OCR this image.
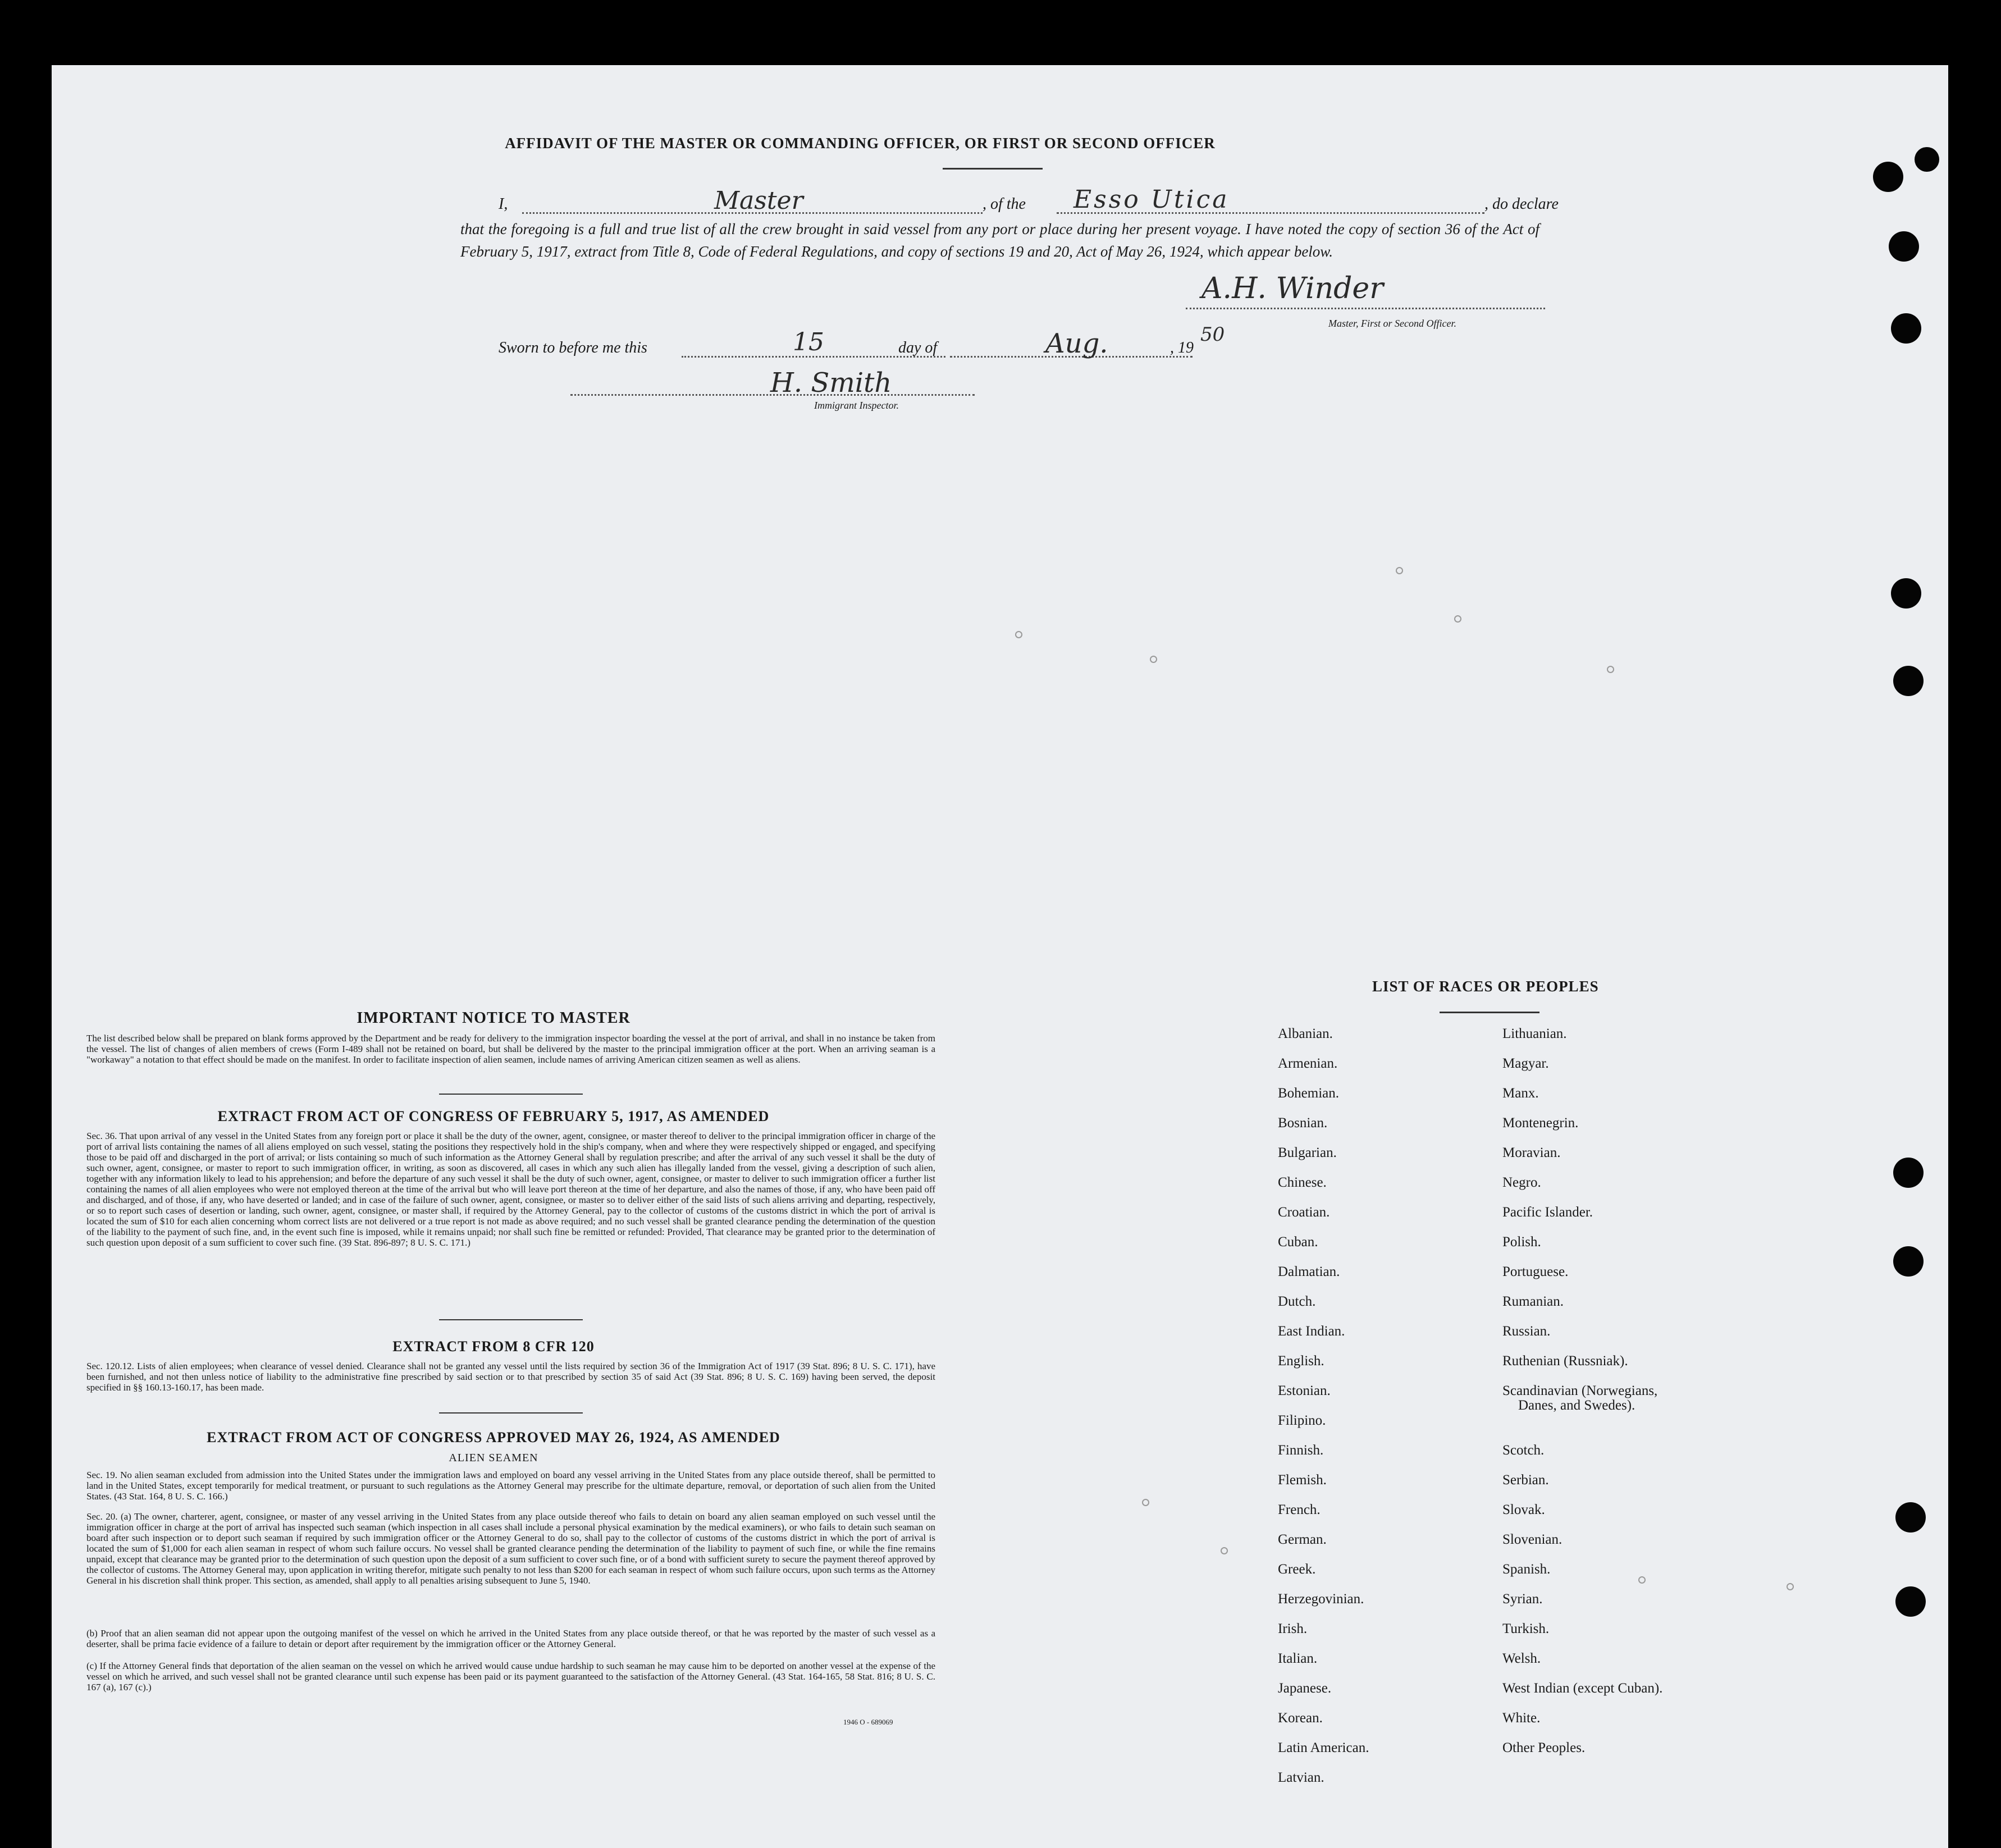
AFFIDAVIT OF THE MASTER OR COMMANDING OFFICER, OR FIRST OR SECOND OFFICER
I,	Master	, of the Esso Utica	, do declare
that the foregoing is a full and true list of all the crew brought in said vessel from any port or place during her present voyage. I have noted the copy of section 36 of the Act of February 5, 1917, extract from Title 8, Code of Federal Regulations, and copy of sections 19 and 20, Act of May 26, 1924, which appear below.
A.H. Winder
Master, First or Second Officer.
Sworn to before me this	15	day of	Aug.	, 19
50
H. Smith
Immigrant Inspector.
IMPORTANT NOTICE TO MASTER
The list described below shall be prepared on blank forms approved by the Department and be ready for delivery to the immigration inspector boarding the vessel at the port of arrival, and shall in no instance be taken from the vessel. The list of changes of alien members of crews (Form I-489 shall not be retained on board, but shall be delivered by the master to the principal immigration officer at the port. When an arriving seaman is a "workaway" a notation to that effect should be made on the manifest. In order to facilitate inspection of alien seamen, include names of arriving American citizen seamen as well as aliens.
EXTRACT FROM ACT OF CONGRESS OF FEBRUARY 5, 1917, AS AMENDED
Sec. 36. That upon arrival of any vessel in the United States from any foreign port or place it shall be the duty of the owner, agent, consignee, or master thereof to deliver to the principal immigration officer in charge of the port of arrival lists containing the names of all aliens employed on such vessel, stating the positions they respectively hold in the ship's company, when and where they were respectively shipped or engaged, and specifying those to be paid off and discharged in the port of arrival; or lists containing so much of such information as the Attorney General shall by regulation prescribe; and after the arrival of any such vessel it shall be the duty of such owner, agent, consignee, or master to report to such immigration officer, in writing, as soon as discovered, all cases in which any such alien has illegally landed from the vessel, giving a description of such alien, together with any information likely to lead to his apprehension; and before the departure of any such vessel it shall be the duty of such owner, agent, consignee, or master to deliver to such immigration officer a further list containing the names of all alien employees who were not employed thereon at the time of the arrival but who will leave port thereon at the time of her departure, and also the names of those, if any, who have been paid off and discharged, and of those, if any, who have deserted or landed; and in case of the failure of such owner, agent, consignee, or master so to deliver either of the said lists of such aliens arriving and departing, respectively, or so to report such cases of desertion or landing, such owner, agent, consignee, or master shall, if required by the Attorney General, pay to the collector of customs of the customs district in which the port of arrival is located the sum of $10 for each alien concerning whom correct lists are not delivered or a true report is not made as above required; and no such vessel shall be granted clearance pending the determination of the question of the liability to the payment of such fine, and, in the event such fine is imposed, while it remains unpaid; nor shall such fine be remitted or refunded: Provided, That clearance may be granted prior to the determination of such question upon deposit of a sum sufficient to cover such fine. (39 Stat. 896-897; 8 U. S. C. 171.)
EXTRACT FROM 8 CFR 120
Sec. 120.12. Lists of alien employees; when clearance of vessel denied. Clearance shall not be granted any vessel until the lists required by section 36 of the Immigration Act of 1917 (39 Stat. 896; 8 U. S. C. 171), have been furnished, and not then unless notice of liability to the administrative fine prescribed by said section or to that prescribed by section 35 of said Act (39 Stat. 896; 8 U. S. C. 169) having been served, the deposit specified in §§ 160.13-160.17, has been made.
EXTRACT FROM ACT OF CONGRESS APPROVED MAY 26, 1924, AS AMENDED
ALIEN SEAMEN
Sec. 19. No alien seaman excluded from admission into the United States under the immigration laws and employed on board any vessel arriving in the United States from any place outside thereof, shall be permitted to land in the United States, except temporarily for medical treatment, or pursuant to such regulations as the Attorney General may prescribe for the ultimate departure, removal, or deportation of such alien from the United States. (43 Stat. 164, 8 U. S. C. 166.)
Sec. 20. (a) The owner, charterer, agent, consignee, or master of any vessel arriving in the United States from any place outside thereof who fails to detain on board any alien seaman employed on such vessel until the immigration officer in charge at the port of arrival has inspected such seaman (which inspection in all cases shall include a personal physical examination by the medical examiners), or who fails to detain such seaman on board after such inspection or to deport such seaman if required by such immigration officer or the Attorney General to do so, shall pay to the collector of customs of the customs district in which the port of arrival is located the sum of $1,000 for each alien seaman in respect of whom such failure occurs. No vessel shall be granted clearance pending the determination of the liability to payment of such fine, or while the fine remains unpaid, except that clearance may be granted prior to the determination of such question upon the deposit of a sum sufficient to cover such fine, or of a bond with sufficient surety to secure the payment thereof approved by the collector of customs. The Attorney General may, upon application in writing therefor, mitigate such penalty to not less than $200 for each seaman in respect of whom such failure occurs, upon such terms as the Attorney General in his discretion shall think proper. This section, as amended, shall apply to all penalties arising subsequent to June 5, 1940.
(b) Proof that an alien seaman did not appear upon the outgoing manifest of the vessel on which he arrived in the United States from any place outside thereof, or that he was reported by the master of such vessel as a deserter, shall be prima facie evidence of a failure to detain or deport after requirement by the immigration officer or the Attorney General.
(c) If the Attorney General finds that deportation of the alien seaman on the vessel on which he arrived would cause undue hardship to such seaman he may cause him to be deported on another vessel at the expense of the vessel on which he arrived, and such vessel shall not be granted clearance until such expense has been paid or its payment guaranteed to the satisfaction of the Attorney General. (43 Stat. 164-165, 58 Stat. 816; 8 U. S. C. 167 (a), 167 (c).)
1946 O - 689069
LIST OF RACES OR PEOPLES
Albanian.
Armenian.
Bohemian.
Bosnian.
Bulgarian.
Chinese.
Croatian.
Cuban.
Dalmatian.
Dutch.
East Indian.
English.
Estonian.
Filipino.
Finnish.
Flemish.
French.
German.
Greek.
Herzegovinian.
Irish.
Italian.
Japanese.
Korean.
Latin American.
Latvian.
Lithuanian.
Magyar.
Manx.
Montenegrin.
Moravian.
Negro.
Pacific Islander.
Polish.
Portuguese.
Rumanian.
Russian.
Ruthenian (Russniak).
Scandinavian (Norwegians,
Danes, and Swedes).
Scotch.
Serbian.
Slovak.
Slovenian.
Spanish.
Syrian.
Turkish.
Welsh.
West Indian (except Cuban).
White.
Other Peoples.
